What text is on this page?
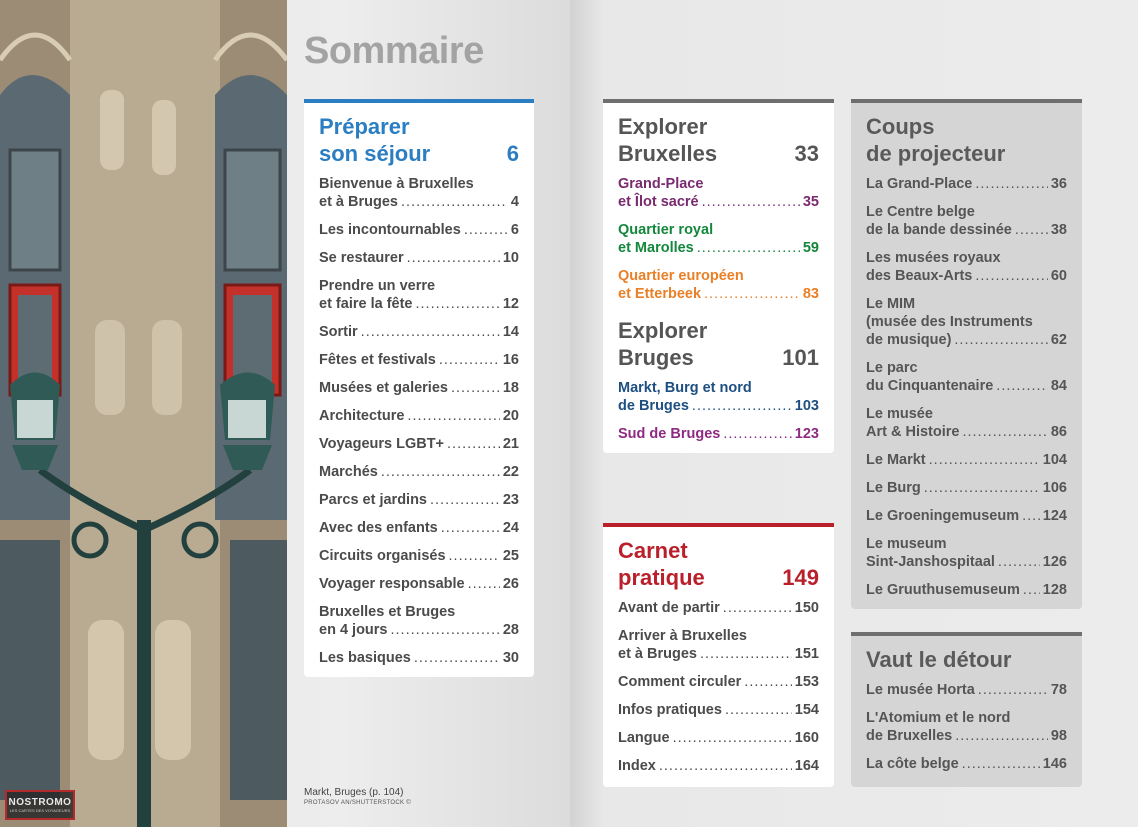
NOSTROMO
LES CARTES DES VOYAGEURS
Sommaire
Markt, Bruges (p. 104)
PROTASOV AN/SHUTTERSTOCK ©
Préparer
son séjour	6
Bienvenue à Bruxelles
et à Bruges .....	4
Les incontournables .....	6
Se restaurer .....	10
Prendre un verre
et faire la fête .....	12
Sortir .....	14
Fêtes et festivals .....	16
Musées et galeries .....	18
Architecture .....	20
Voyageurs LGBT+ .....	21
Marchés .....	22
Parcs et jardins .....	23
Avec des enfants .....	24
Circuits organisés .....	25
Voyager responsable .....	26
Bruxelles et Bruges
en 4 jours .....	28
Les basiques .....	30
Explorer
Bruxelles	33
Grand-Place
et Îlot sacré .....	35
Quartier royal
et Marolles .....	59
Quartier européen
et Etterbeek .....	83
Explorer
Bruges	101
Markt, Burg et nord
de Bruges .....	103
Sud de Bruges .....	123
Carnet
pratique	149
Avant de partir .....	150
Arriver à Bruxelles
et à Bruges .....	151
Comment circuler .....	153
Infos pratiques .....	154
Langue .....	160
Index .....	164
Coups
de projecteur
La Grand-Place .....	36
Le Centre belge
de la bande dessinée .....	38
Les musées royaux
des Beaux-Arts .....	60
Le MIM
(musée des Instruments
de musique) .....	62
Le parc
du Cinquantenaire .....	84
Le musée
Art & Histoire .....	86
Le Markt .....	104
Le Burg .....	106
Le Groeningemuseum ..... 124
Le museum
Sint-Janshospitaal .....	126
Le Gruuthusemuseum ..... 128
Vaut le détour
Le musée Horta .....	78
L'Atomium et le nord
de Bruxelles .....	98
La côte belge .....	146
